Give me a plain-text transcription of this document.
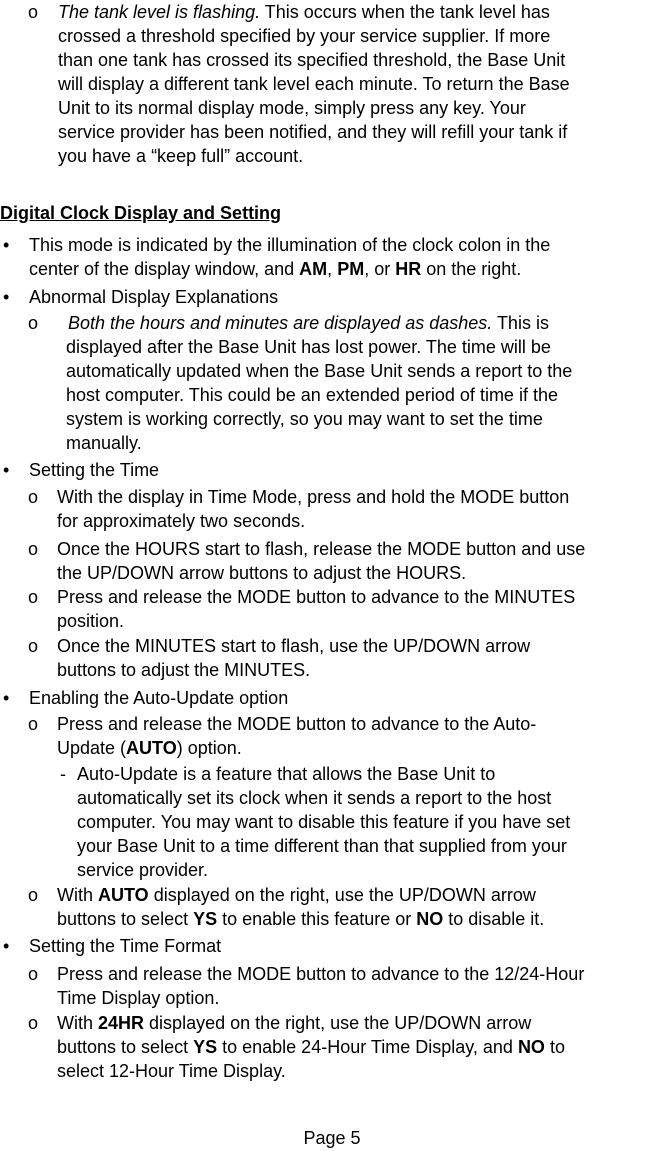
o The tank level is flashing. This occurs when the tank level has
crossed a threshold specified by your service supplier. If more
than one tank has crossed its specified threshold, the Base Unit
will display a different tank level each minute. To return the Base
Unit to its normal display mode, simply press any key. Your
service provider has been notified, and they will refill your tank if
you have a “keep full” account.
Digital Clock Display and Setting
• This mode is indicated by the illumination of the clock colon in the
center of the display window, and AM, PM, or HR on the right.
• Abnormal Display Explanations
o Both the hours and minutes are displayed as dashes. This is
displayed after the Base Unit has lost power. The time will be
automatically updated when the Base Unit sends a report to the
host computer. This could be an extended period of time if the
system is working correctly, so you may want to set the time
manually.
• Setting the Time
o With the display in Time Mode, press and hold the MODE button
for approximately two seconds.
o Once the HOURS start to flash, release the MODE button and use
the UP/DOWN arrow buttons to adjust the HOURS.
o Press and release the MODE button to advance to the MINUTES
position.
o Once the MINUTES start to flash, use the UP/DOWN arrow
buttons to adjust the MINUTES.
• Enabling the Auto-Update option
o Press and release the MODE button to advance to the Auto-
Update (AUTO) option.
- Auto-Update is a feature that allows the Base Unit to
automatically set its clock when it sends a report to the host
computer. You may want to disable this feature if you have set
your Base Unit to a time different than that supplied from your
service provider.
o With AUTO displayed on the right, use the UP/DOWN arrow
buttons to select YS to enable this feature or NO to disable it.
• Setting the Time Format
o Press and release the MODE button to advance to the 12/24-Hour
Time Display option.
o With 24HR displayed on the right, use the UP/DOWN arrow
buttons to select YS to enable 24-Hour Time Display, and NO to
select 12-Hour Time Display.
Page 5
